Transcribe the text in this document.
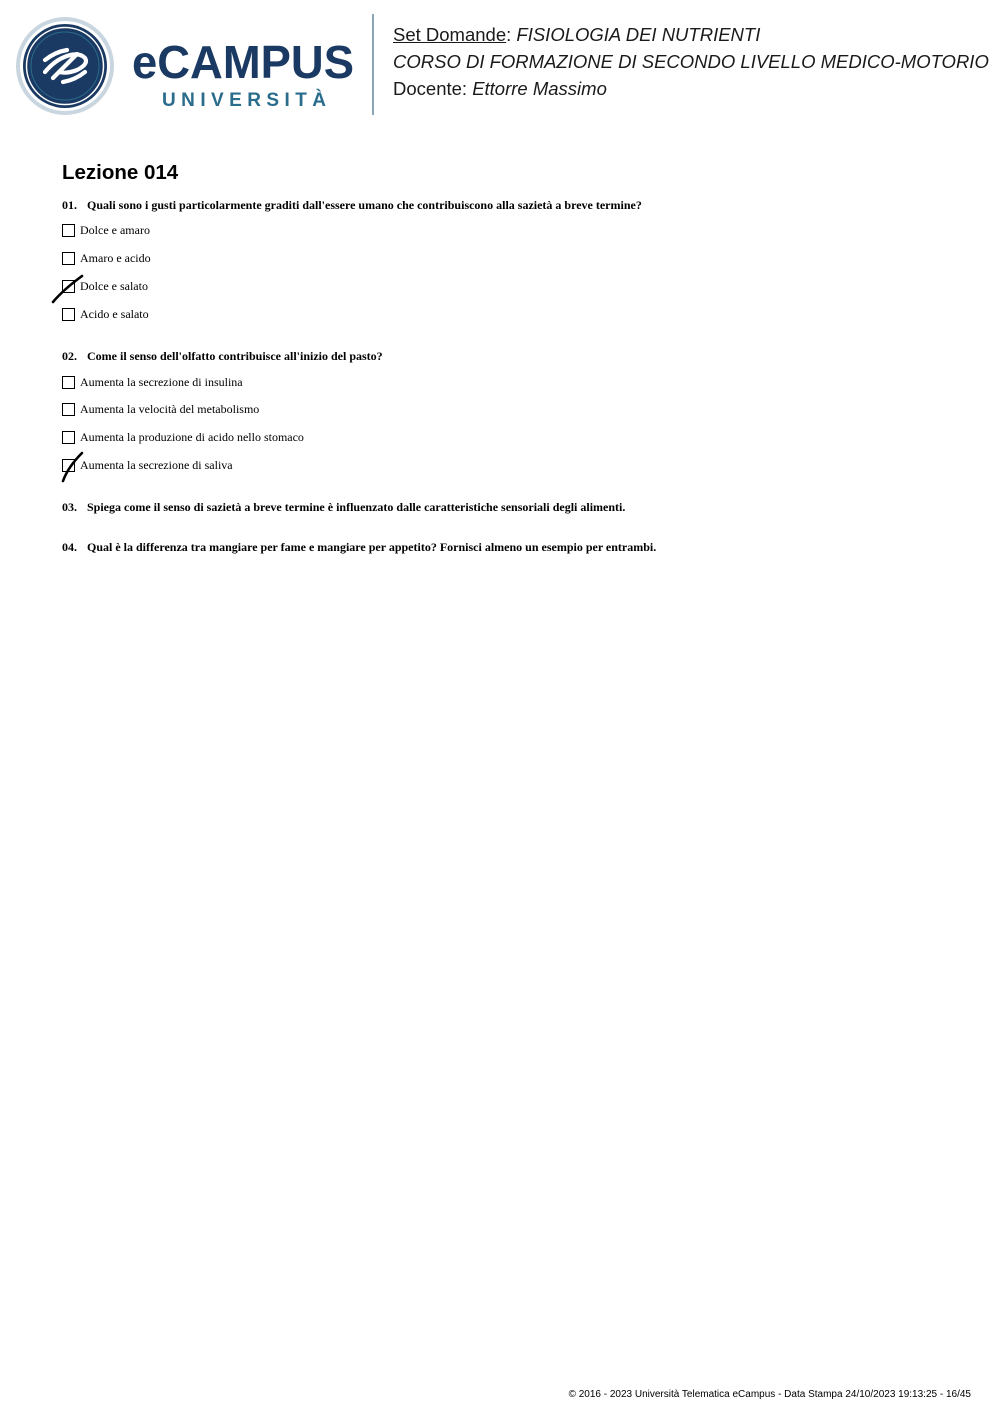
eCAMPUS
UNIVERSITÀ
Set Domande: FISIOLOGIA DEI NUTRIENTI
CORSO DI FORMAZIONE DI SECONDO LIVELLO MEDICO-MOTORIO
Docente: Ettorre Massimo
Lezione 014
01. Quali sono i gusti particolarmente graditi dall'essere umano che contribuiscono alla sazietà a breve termine?
Dolce e amaro
Amaro e acido
Dolce e salato
Acido e salato
02. Come il senso dell'olfatto contribuisce all'inizio del pasto?
Aumenta la secrezione di insulina
Aumenta la velocità del metabolismo
Aumenta la produzione di acido nello stomaco
Aumenta la secrezione di saliva
03. Spiega come il senso di sazietà a breve termine è influenzato dalle caratteristiche sensoriali degli alimenti.
04. Qual è la differenza tra mangiare per fame e mangiare per appetito? Fornisci almeno un esempio per entrambi.
© 2016 - 2023 Università Telematica eCampus - Data Stampa 24/10/2023 19:13:25 - 16/45
